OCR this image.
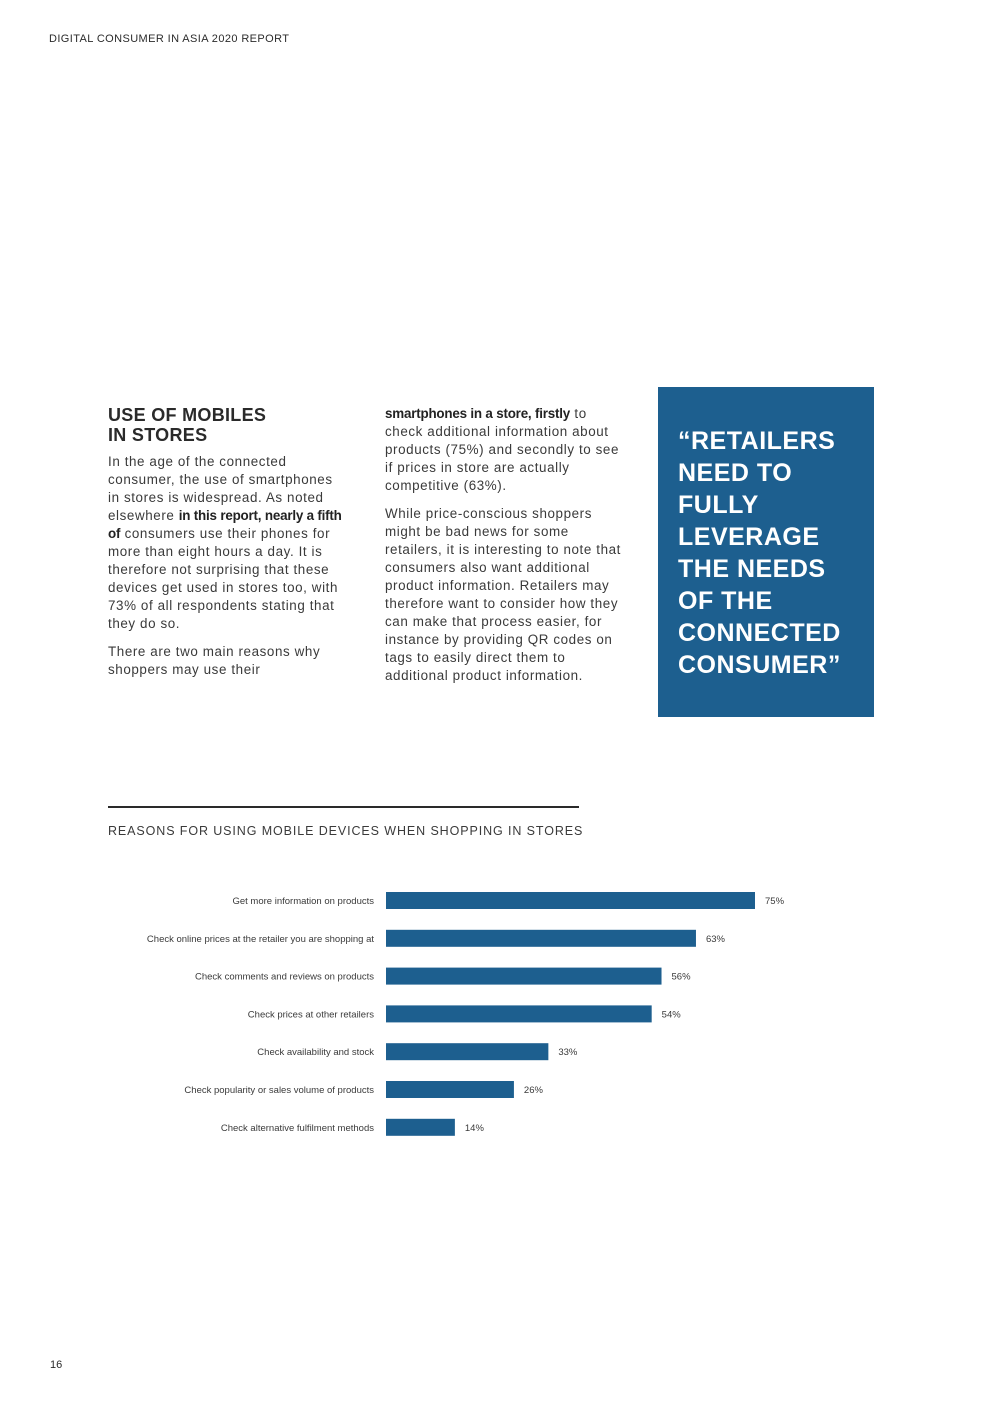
DIGITAL CONSUMER IN ASIA 2020 REPORT
USE OF MOBILES
IN STORES

In the age of the connected consumer, the use of smartphones in stores is widespread. As noted elsewhere in this report, nearly a fifth of consumers use their phones for more than eight hours a day. It is therefore not surprising that these devices get used in stores too, with 73% of all respondents stating that they do so.

There are two main reasons why shoppers may use their

smartphones in a store, firstly to check additional information about products (75%) and secondly to see if prices in store are actually competitive (63%).

While price-conscious shoppers might be bad news for some retailers, it is interesting to note that consumers also want additional product information. Retailers may therefore want to consider how they can make that process easier, for instance by providing QR codes on tags to easily direct them to additional product information.

“RETAILERS NEED TO FULLY LEVERAGE THE NEEDS OF THE CONNECTED CONSUMER”
REASONS FOR USING MOBILE DEVICES WHEN SHOPPING IN STORES
Get more information on products	75%
Check online prices at the retailer you are shopping at	63%
Check comments and reviews on products	56%
Check prices at other retailers	54%
Check availability and stock	33%
Check popularity or sales volume of products	26%
Check alternative fulfilment methods	14%
16
